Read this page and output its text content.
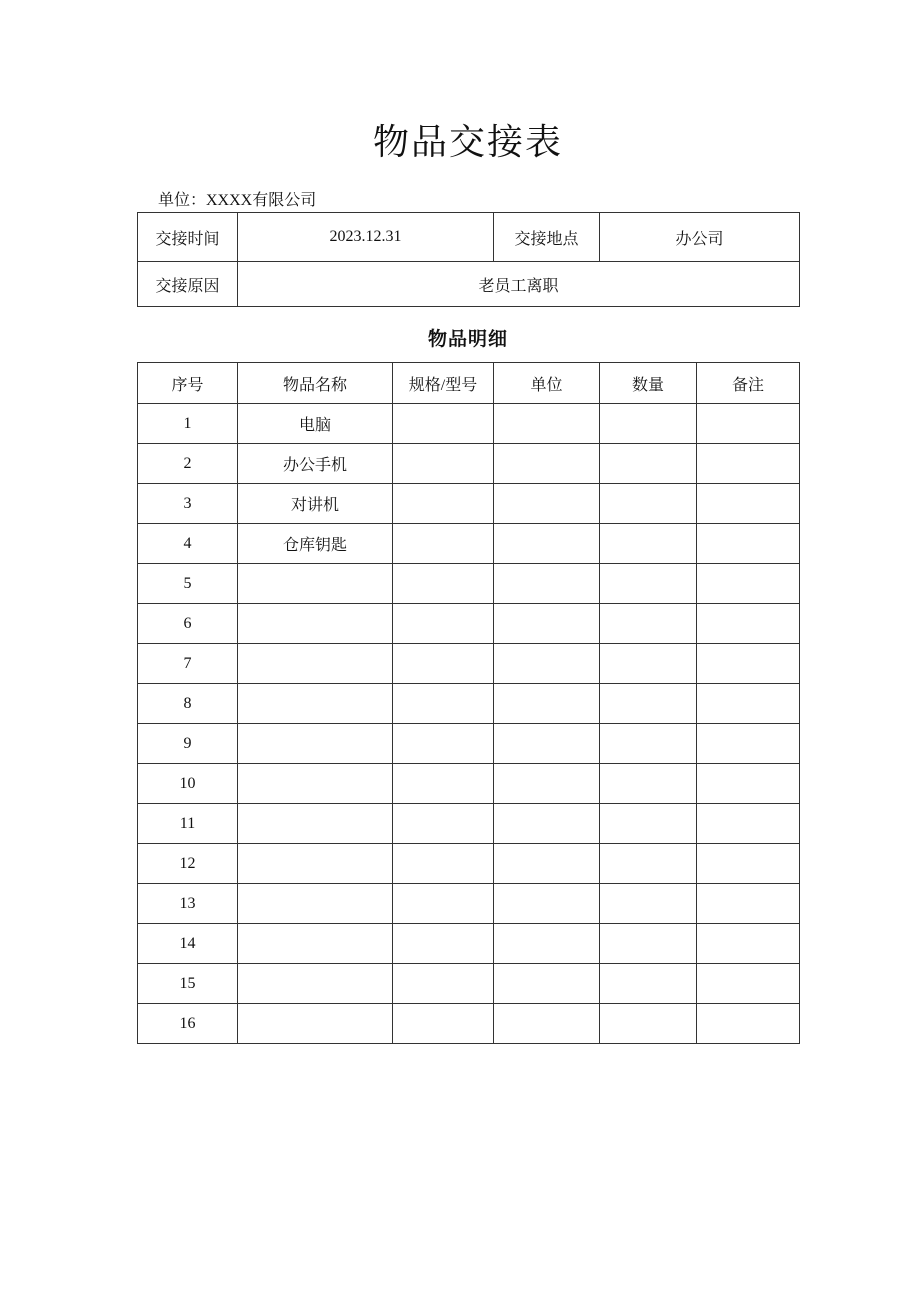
物品交接表
单位：XXXX有限公司
交接时间	2023.12.31	交接地点	办公司
交接原因	老员工离职		
物品明细
序号	物品名称	规格/型号	单位	数量	备注
1	电脑				
2	办公手机				
3	对讲机				
4	仓库钥匙				
5					
6					
7					
8					
9					
10					
11					
12					
13					
14					
15					
16					
